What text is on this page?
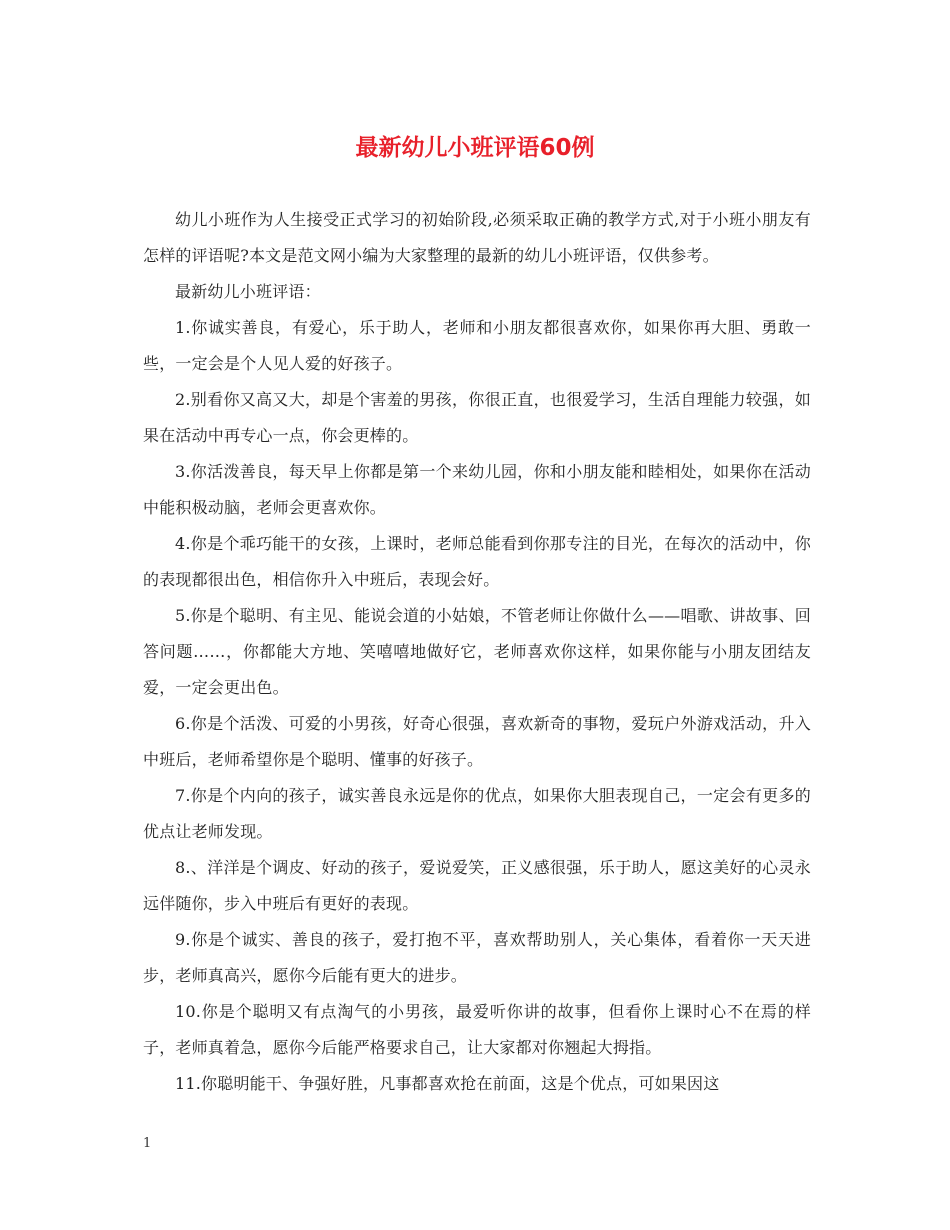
最新幼儿小班评语60例

幼儿小班作为人生接受正式学习的初始阶段,必须采取正确的教学方式,对于小班小朋友有怎样的评语呢?本文是范文网小编为大家整理的最新的幼儿小班评语，仅供参考。

最新幼儿小班评语：

1.你诚实善良，有爱心，乐于助人，老师和小朋友都很喜欢你，如果你再大胆、勇敢一些，一定会是个人见人爱的好孩子。

2.别看你又高又大，却是个害羞的男孩，你很正直，也很爱学习，生活自理能力较强，如果在活动中再专心一点，你会更棒的。

3.你活泼善良，每天早上你都是第一个来幼儿园，你和小朋友能和睦相处，如果你在活动中能积极动脑，老师会更喜欢你。

4.你是个乖巧能干的女孩，上课时，老师总能看到你那专注的目光，在每次的活动中，你的表现都很出色，相信你升入中班后，表现会好。

5.你是个聪明、有主见、能说会道的小姑娘，不管老师让你做什么——唱歌、讲故事、回答问题……，你都能大方地、笑嘻嘻地做好它，老师喜欢你这样，如果你能与小朋友团结友爱，一定会更出色。

6.你是个活泼、可爱的小男孩，好奇心很强，喜欢新奇的事物，爱玩户外游戏活动，升入中班后，老师希望你是个聪明、懂事的好孩子。

7.你是个内向的孩子，诚实善良永远是你的优点，如果你大胆表现自己，一定会有更多的优点让老师发现。

8.、洋洋是个调皮、好动的孩子，爱说爱笑，正义感很强，乐于助人，愿这美好的心灵永远伴随你，步入中班后有更好的表现。

9.你是个诚实、善良的孩子，爱打抱不平，喜欢帮助别人，关心集体，看着你一天天进步，老师真高兴，愿你今后能有更大的进步。

10.你是个聪明又有点淘气的小男孩，最爱听你讲的故事，但看你上课时心不在焉的样子，老师真着急，愿你今后能严格要求自己，让大家都对你翘起大拇指。

11.你聪明能干、争强好胜，凡事都喜欢抢在前面，这是个优点，可如果因这

1
